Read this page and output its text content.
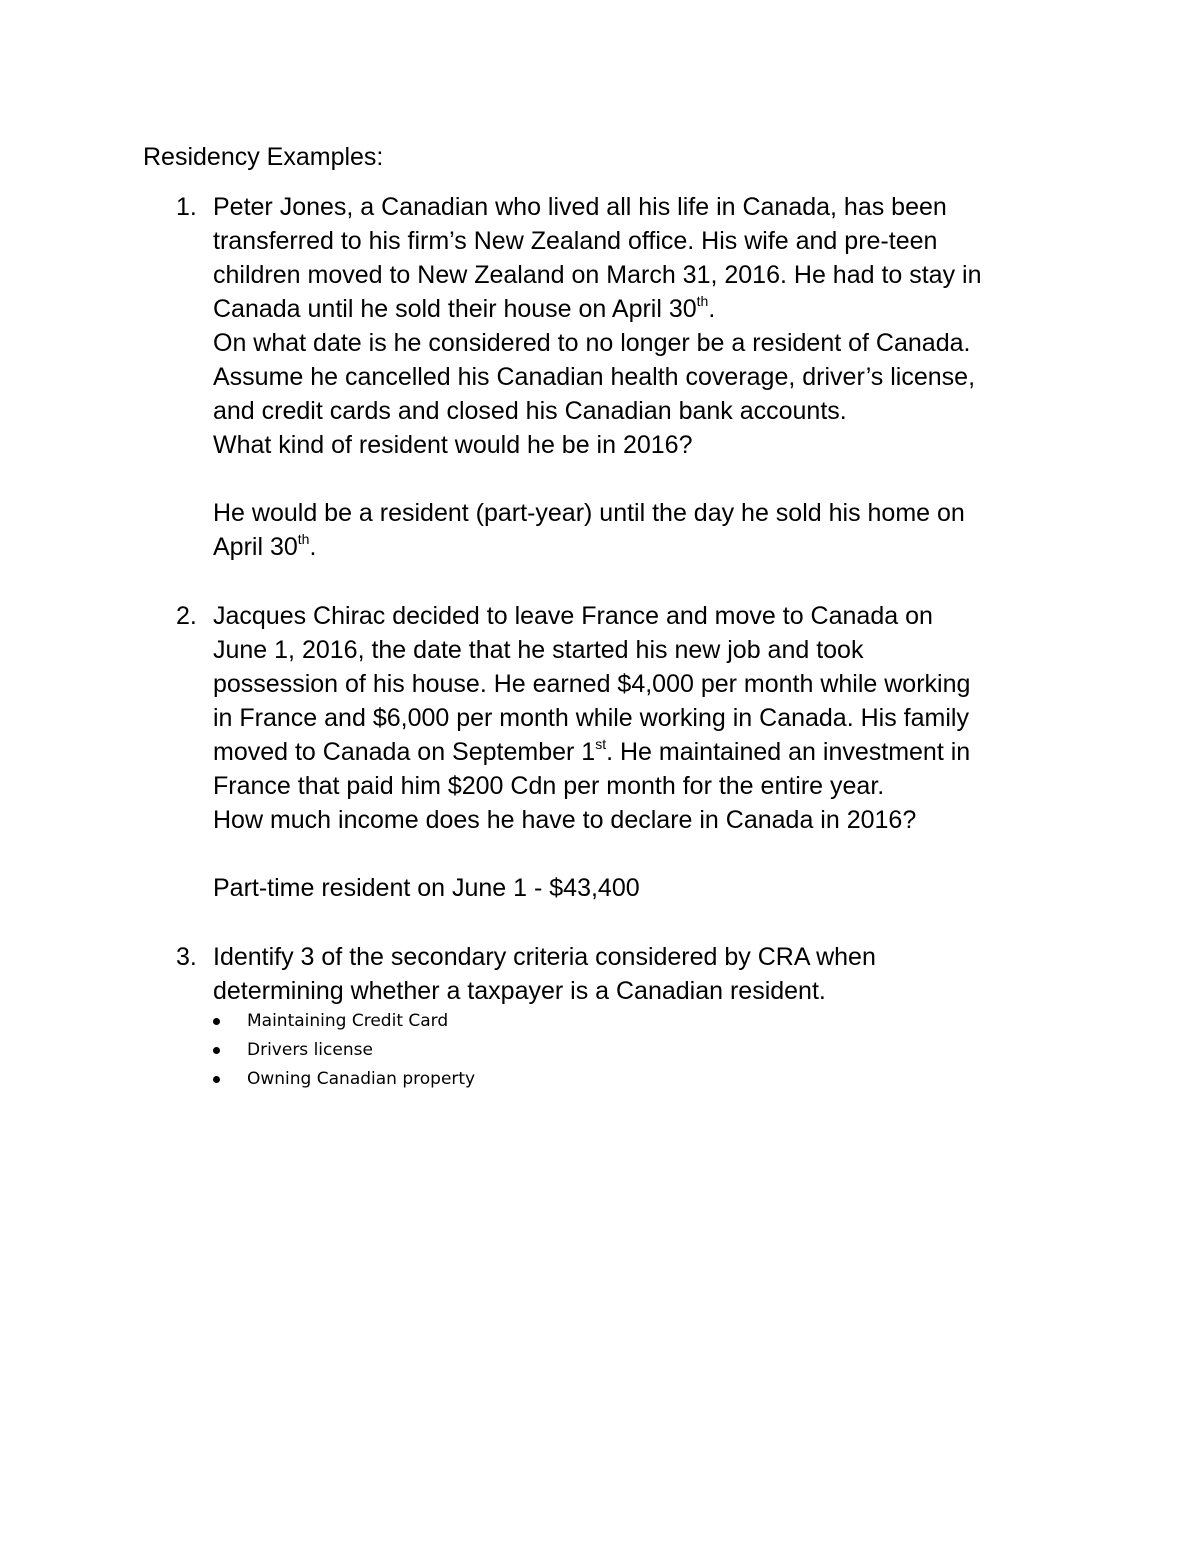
Residency Examples:
1. Peter Jones, a Canadian who lived all his life in Canada, has been
transferred to his firm’s New Zealand office. His wife and pre-teen
children moved to New Zealand on March 31, 2016. He had to stay in
Canada until he sold their house on April 30th.
On what date is he considered to no longer be a resident of Canada.
Assume he cancelled his Canadian health coverage, driver’s license,
and credit cards and closed his Canadian bank accounts.
What kind of resident would he be in 2016?
He would be a resident (part-year) until the day he sold his home on
April 30th.
2. Jacques Chirac decided to leave France and move to Canada on
June 1, 2016, the date that he started his new job and took
possession of his house. He earned $4,000 per month while working
in France and $6,000 per month while working in Canada. His family
moved to Canada on September 1st. He maintained an investment in
France that paid him $200 Cdn per month for the entire year.
How much income does he have to declare in Canada in 2016?
Part-time resident on June 1 - $43,400
3. Identify 3 of the secondary criteria considered by CRA when
determining whether a taxpayer is a Canadian resident.
Maintaining Credit Card
Drivers license
Owning Canadian property
